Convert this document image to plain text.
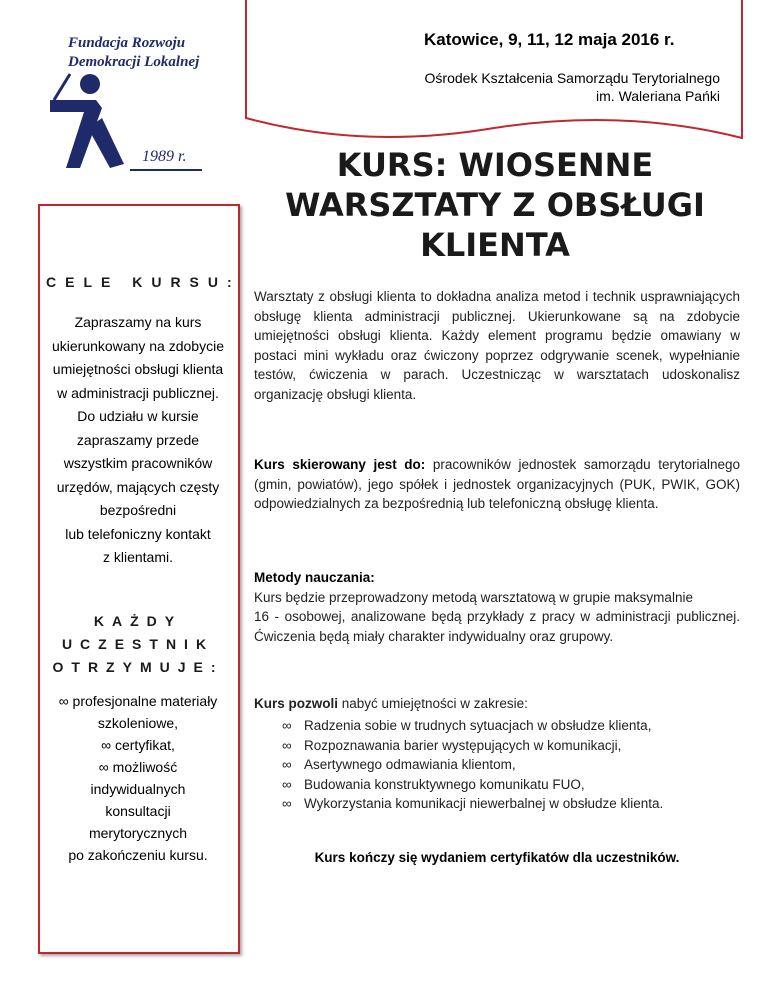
Fundacja Rozwoju
Demokracji Lokalnej
1989 r.
Katowice, 9, 11, 12 maja 2016 r.
Ośrodek Kształcenia Samorządu Terytorialnego
im. Waleriana Pańki
KURS: WIOSENNE
WARSZTATY Z OBSŁUGI
KLIENTA
CELE KURSU:
Zapraszamy na kurs
ukierunkowany na zdobycie
umiejętności obsługi klienta
w administracji publicznej.
Do udziału w kursie
zapraszamy przede
wszystkim pracowników
urzędów, mających częsty
bezpośredni
lub telefoniczny kontakt
z klientami.
KAŻDY
UCZESTNIK
OTRZYMUJE:
∞ profesjonalne materiały
szkoleniowe,
∞ certyfikat,
∞ możliwość
indywidualnych
konsultacji
merytorycznych
po zakończeniu kursu.
Warsztaty z obsługi klienta to dokładna analiza metod i technik usprawniających obsługę klienta administracji publicznej. Ukierunkowane są na zdobycie umiejętności obsługi klienta. Każdy element programu będzie omawiany w postaci mini wykładu oraz ćwiczony poprzez odgrywanie scenek, wypełnianie testów, ćwiczenia w parach. Uczestnicząc w warsztatach udoskonalisz organizację obsługi klienta.
Kurs skierowany jest do: pracowników jednostek samorządu terytorialnego (gmin, powiatów), jego spółek i jednostek organizacyjnych (PUK, PWIK, GOK) odpowiedzialnych za bezpośrednią lub telefoniczną obsługę klienta.
Metody nauczania:
Kurs będzie przeprowadzony metodą warsztatową w grupie maksymalnie
16 - osobowej, analizowane będą przykłady z pracy w administracji publicznej. Ćwiczenia będą miały charakter indywidualny oraz grupowy.
Kurs pozwoli nabyć umiejętności w zakresie:
∞ Radzenia sobie w trudnych sytuacjach w obsłudze klienta,
∞ Rozpoznawania barier występujących w komunikacji,
∞ Asertywnego odmawiania klientom,
∞ Budowania konstruktywnego komunikatu FUO,
∞ Wykorzystania komunikacji niewerbalnej w obsłudze klienta.
Kurs kończy się wydaniem certyfikatów dla uczestników.
